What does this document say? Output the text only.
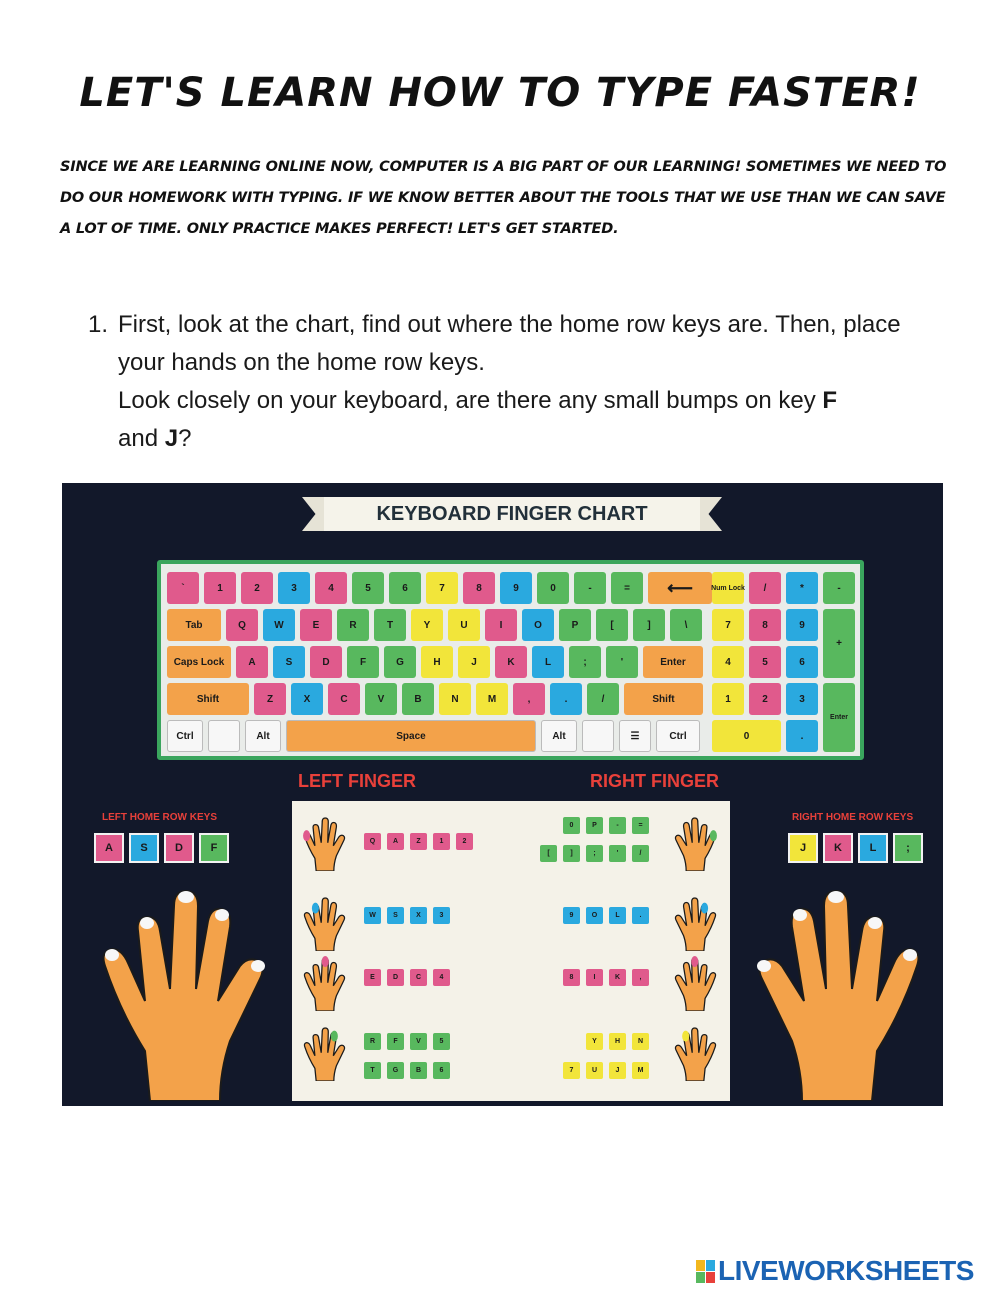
LET'S LEARN HOW TO TYPE FASTER!
SINCE WE ARE LEARNING ONLINE NOW, COMPUTER IS A BIG PART OF OUR LEARNING! SOMETIMES WE NEED TO DO OUR HOMEWORK WITH TYPING. IF WE KNOW BETTER ABOUT THE TOOLS THAT WE USE THAN WE CAN SAVE A LOT OF TIME. ONLY PRACTICE MAKES PERFECT! LET'S GET STARTED.
1. First, look at the chart, find out where the home row keys are. Then, place your hands on the home row keys.
Look closely on your keyboard, are there any small bumps on key F
and J?
KEYBOARD FINGER CHART
`	1	2	3	4	5	6	7	8	9	0	-	=	⟵
Tab	Q	W	E	R	T	Y	U	I	O	P	[	]	\
Caps Lock	A	S	D	F	G	H	J	K	L	;	'	Enter
Shift	Z	X	C	V	B	N	M	,	.	/	Shift
Ctrl	Alt	Space	Alt	☰	Ctrl
Num Lock	/	*	-
7	8	9
4	5	6
1	2	3
+
Enter
0	.
LEFT FINGER	RIGHT FINGER
LEFT HOME ROW KEYS	RIGHT HOME ROW KEYS
A	S	D	F	J	K	L	;
Q	A	Z	1	2
W	S	X	3
E	D	C	4
R	F	V	5
T	G	B	6
0	P	-	=
[	]	;	'	/
9	O	L	.
8	I	K	,
Y	H	N
7	U	J	M
LIVEWORKSHEETS
